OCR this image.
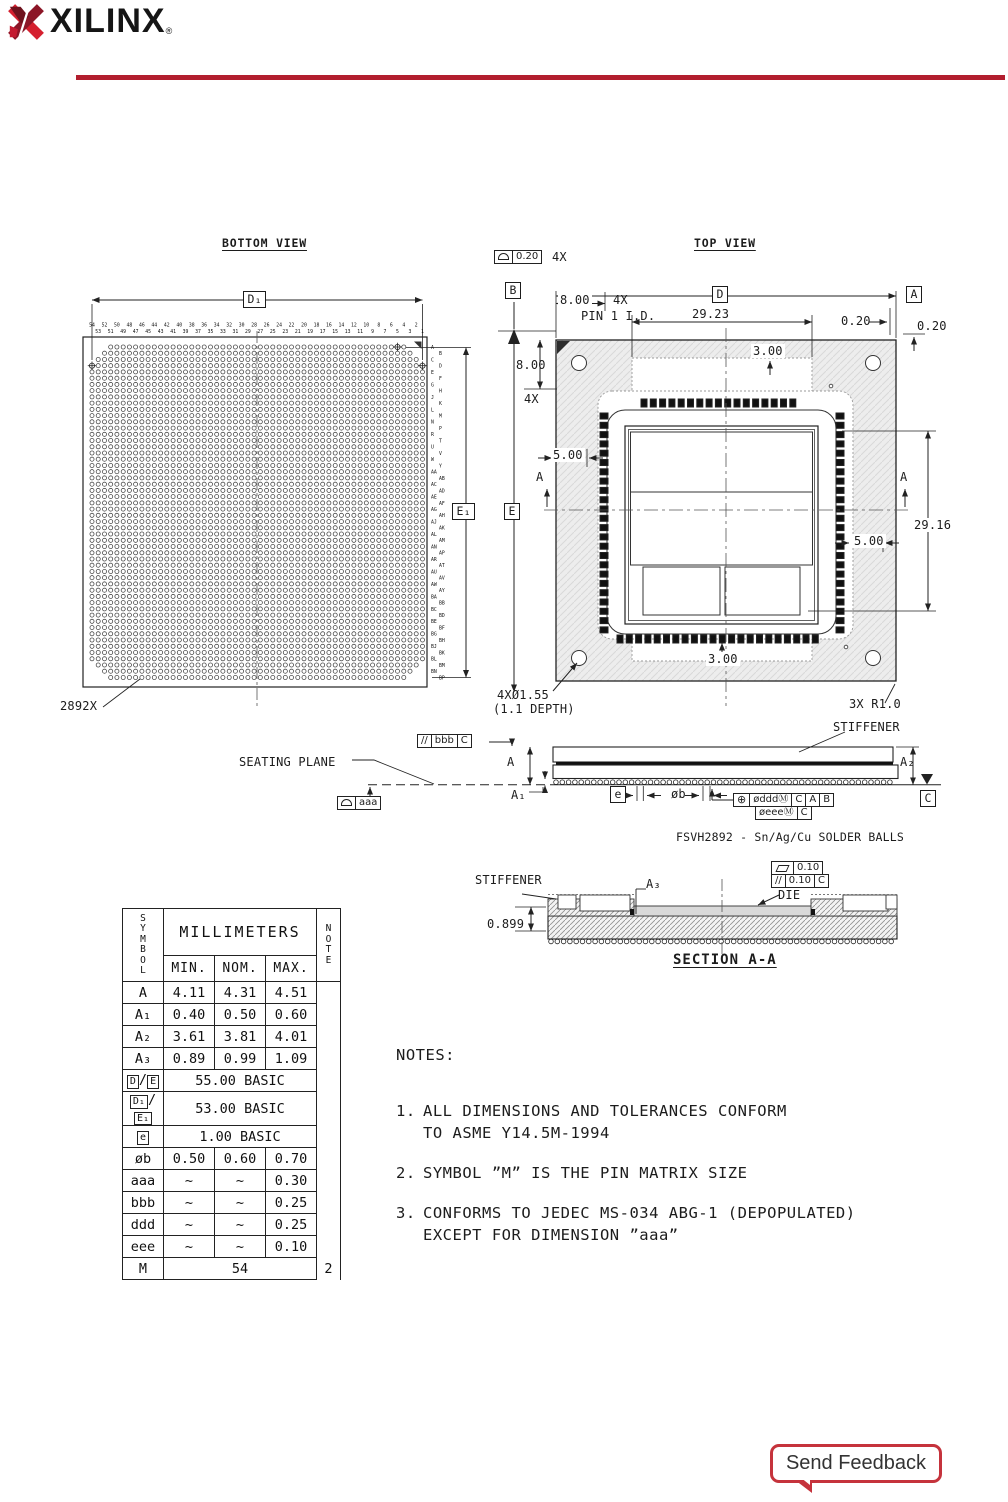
XILINX ®
54
53
52
51
50
49
48
47
46
45
44
43
42
41
40
39
38
37
36
35
34
33
32
31
30
29
28
27
26
25
24
23
22
21
20
19
18
17
16
15
14
13
12
11
10
9
8
7
6
5
4
3
2
1
A
B
C
D
E
F
G
H
J
K
L
M
N
P
R
T
U
V
W
Y
AA
AB
AC
AD
AE
AF
AG
AH
AJ
AK
AL
AM
AN
AP
AR
AT
AU
AV
AW
AY
BA
BB
BC
BD
BE
BF
BG
BH
BJ
BK
BL
BM
BN
BP
BOTTOM VIEW	TOP VIEW
SECTION A-A
S
Y
M
B
O
L	MILLIMETERS	N
O
T
E
	MIN.	NOM.	MAX.	
A	4.11	4.31	4.51	
A₁	0.40	0.50	0.60	
A₂	3.61	3.81	4.01	
A₃	0.89	0.99	1.09	
D / E	55.00 BASIC			
D₁ /E₁	53.00 BASIC			
e	1.00 BASIC			
øb	0.50	0.60	0.70	
aaa	~	~	0.30	
bbb	~	~	0.25	
ddd	~	~	0.25	
eee	~	~	0.10	
M	54			2
NOTES:
1. ALL DIMENSIONS AND TOLERANCES CONFORM
TO ASME Y14.5M-1994
2. SYMBOL ”M” IS THE PIN MATRIX SIZE
3. CONFORMS TO JEDEC MS-034 ABG-1 (DEPOPULATED)
EXCEPT FOR DIMENSION ”aaa”
Send Feedback
D₁
E₁
2892X
4X
B	D	A
8.00 4X
PIN 1 I.D.	29.23	0.20	0.20
3.00
8.00
4X
5.00
A
E
A
29.16
5.00
3.00
4XØ1.55
(1.1 DEPTH)	3X R1.0
SEATING PLANE	A
A₁
A₂
C
STIFFENER
e	øb
FSVH2892 - Sn/Ag/Cu SOLDER BALLS
STIFFENER	A₃
0.899
DIE
0.20
// bbb C
aaa	⊕ ødddⓂ C A B
øeeeⓂ C
0.10
// 0.10 C
